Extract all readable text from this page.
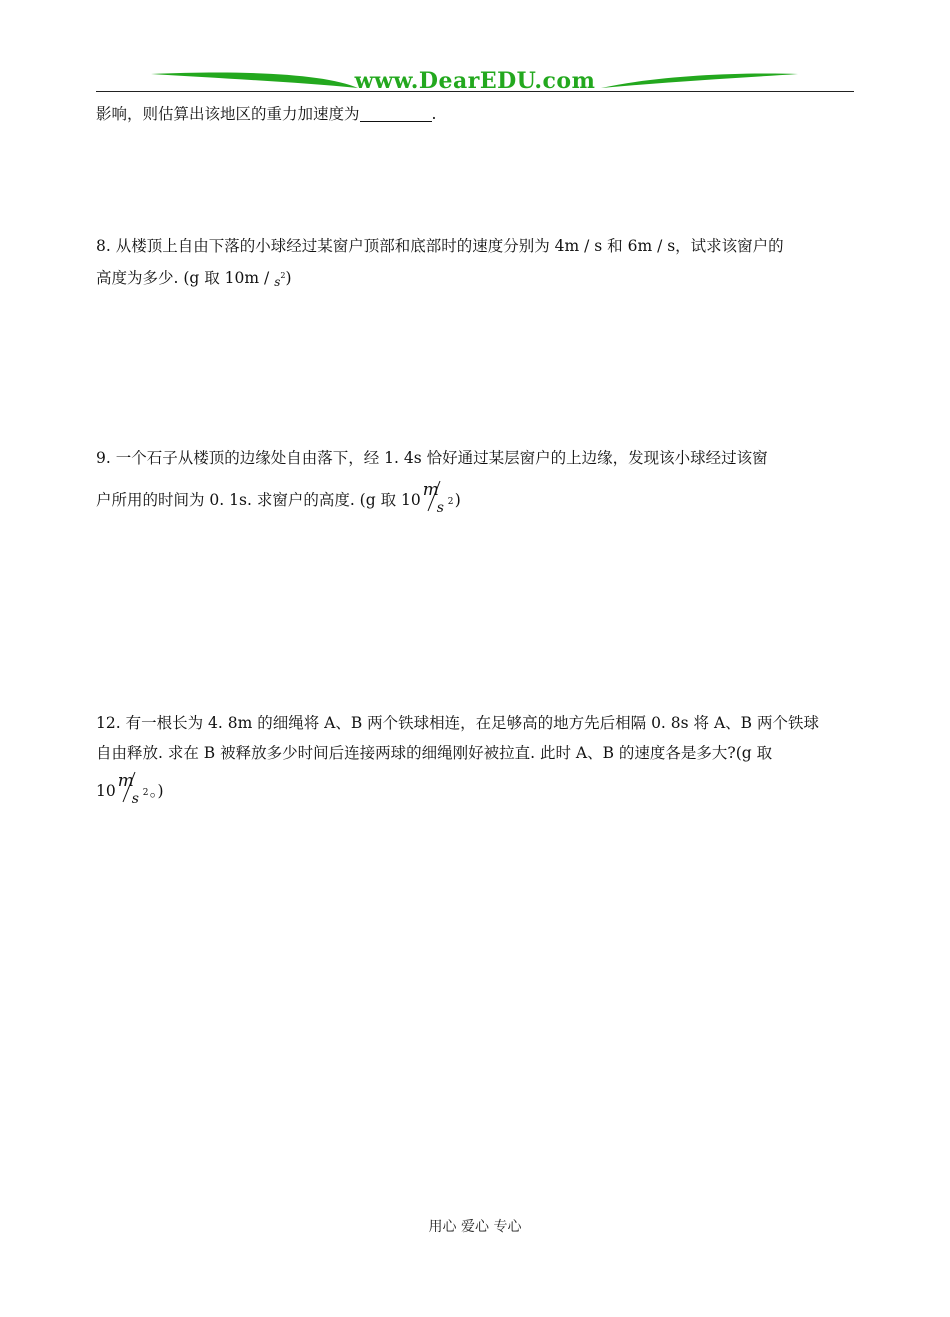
www.DearEDU.com
影响，则估算出该地区的重力加速度为	.
8. 从楼顶上自由下落的小球经过某窗户顶部和底部时的速度分别为 4m / s 和 6m / s，试求该窗户的
高度为多少. (g 取 $10m / s^2$)
9. 一个石子从楼顶的边缘处自由落下，经 1. 4s 恰好通过某层窗户的上边缘，发现该小球经过该窗
户所用的时间为 0. 1s. 求窗户的高度. (g 取 10 m
s 2 )
12. 有一根长为 4. 8m 的细绳将 A、B 两个铁球相连，在足够高的地方先后相隔 0. 8s 将 A、B 两个铁球
自由释放. 求在 B 被释放多少时间后连接两球的细绳刚好被拉直. 此时 A、B 的速度各是多大?(g 取
10 m
s 2 。)
用心 爱心 专心
